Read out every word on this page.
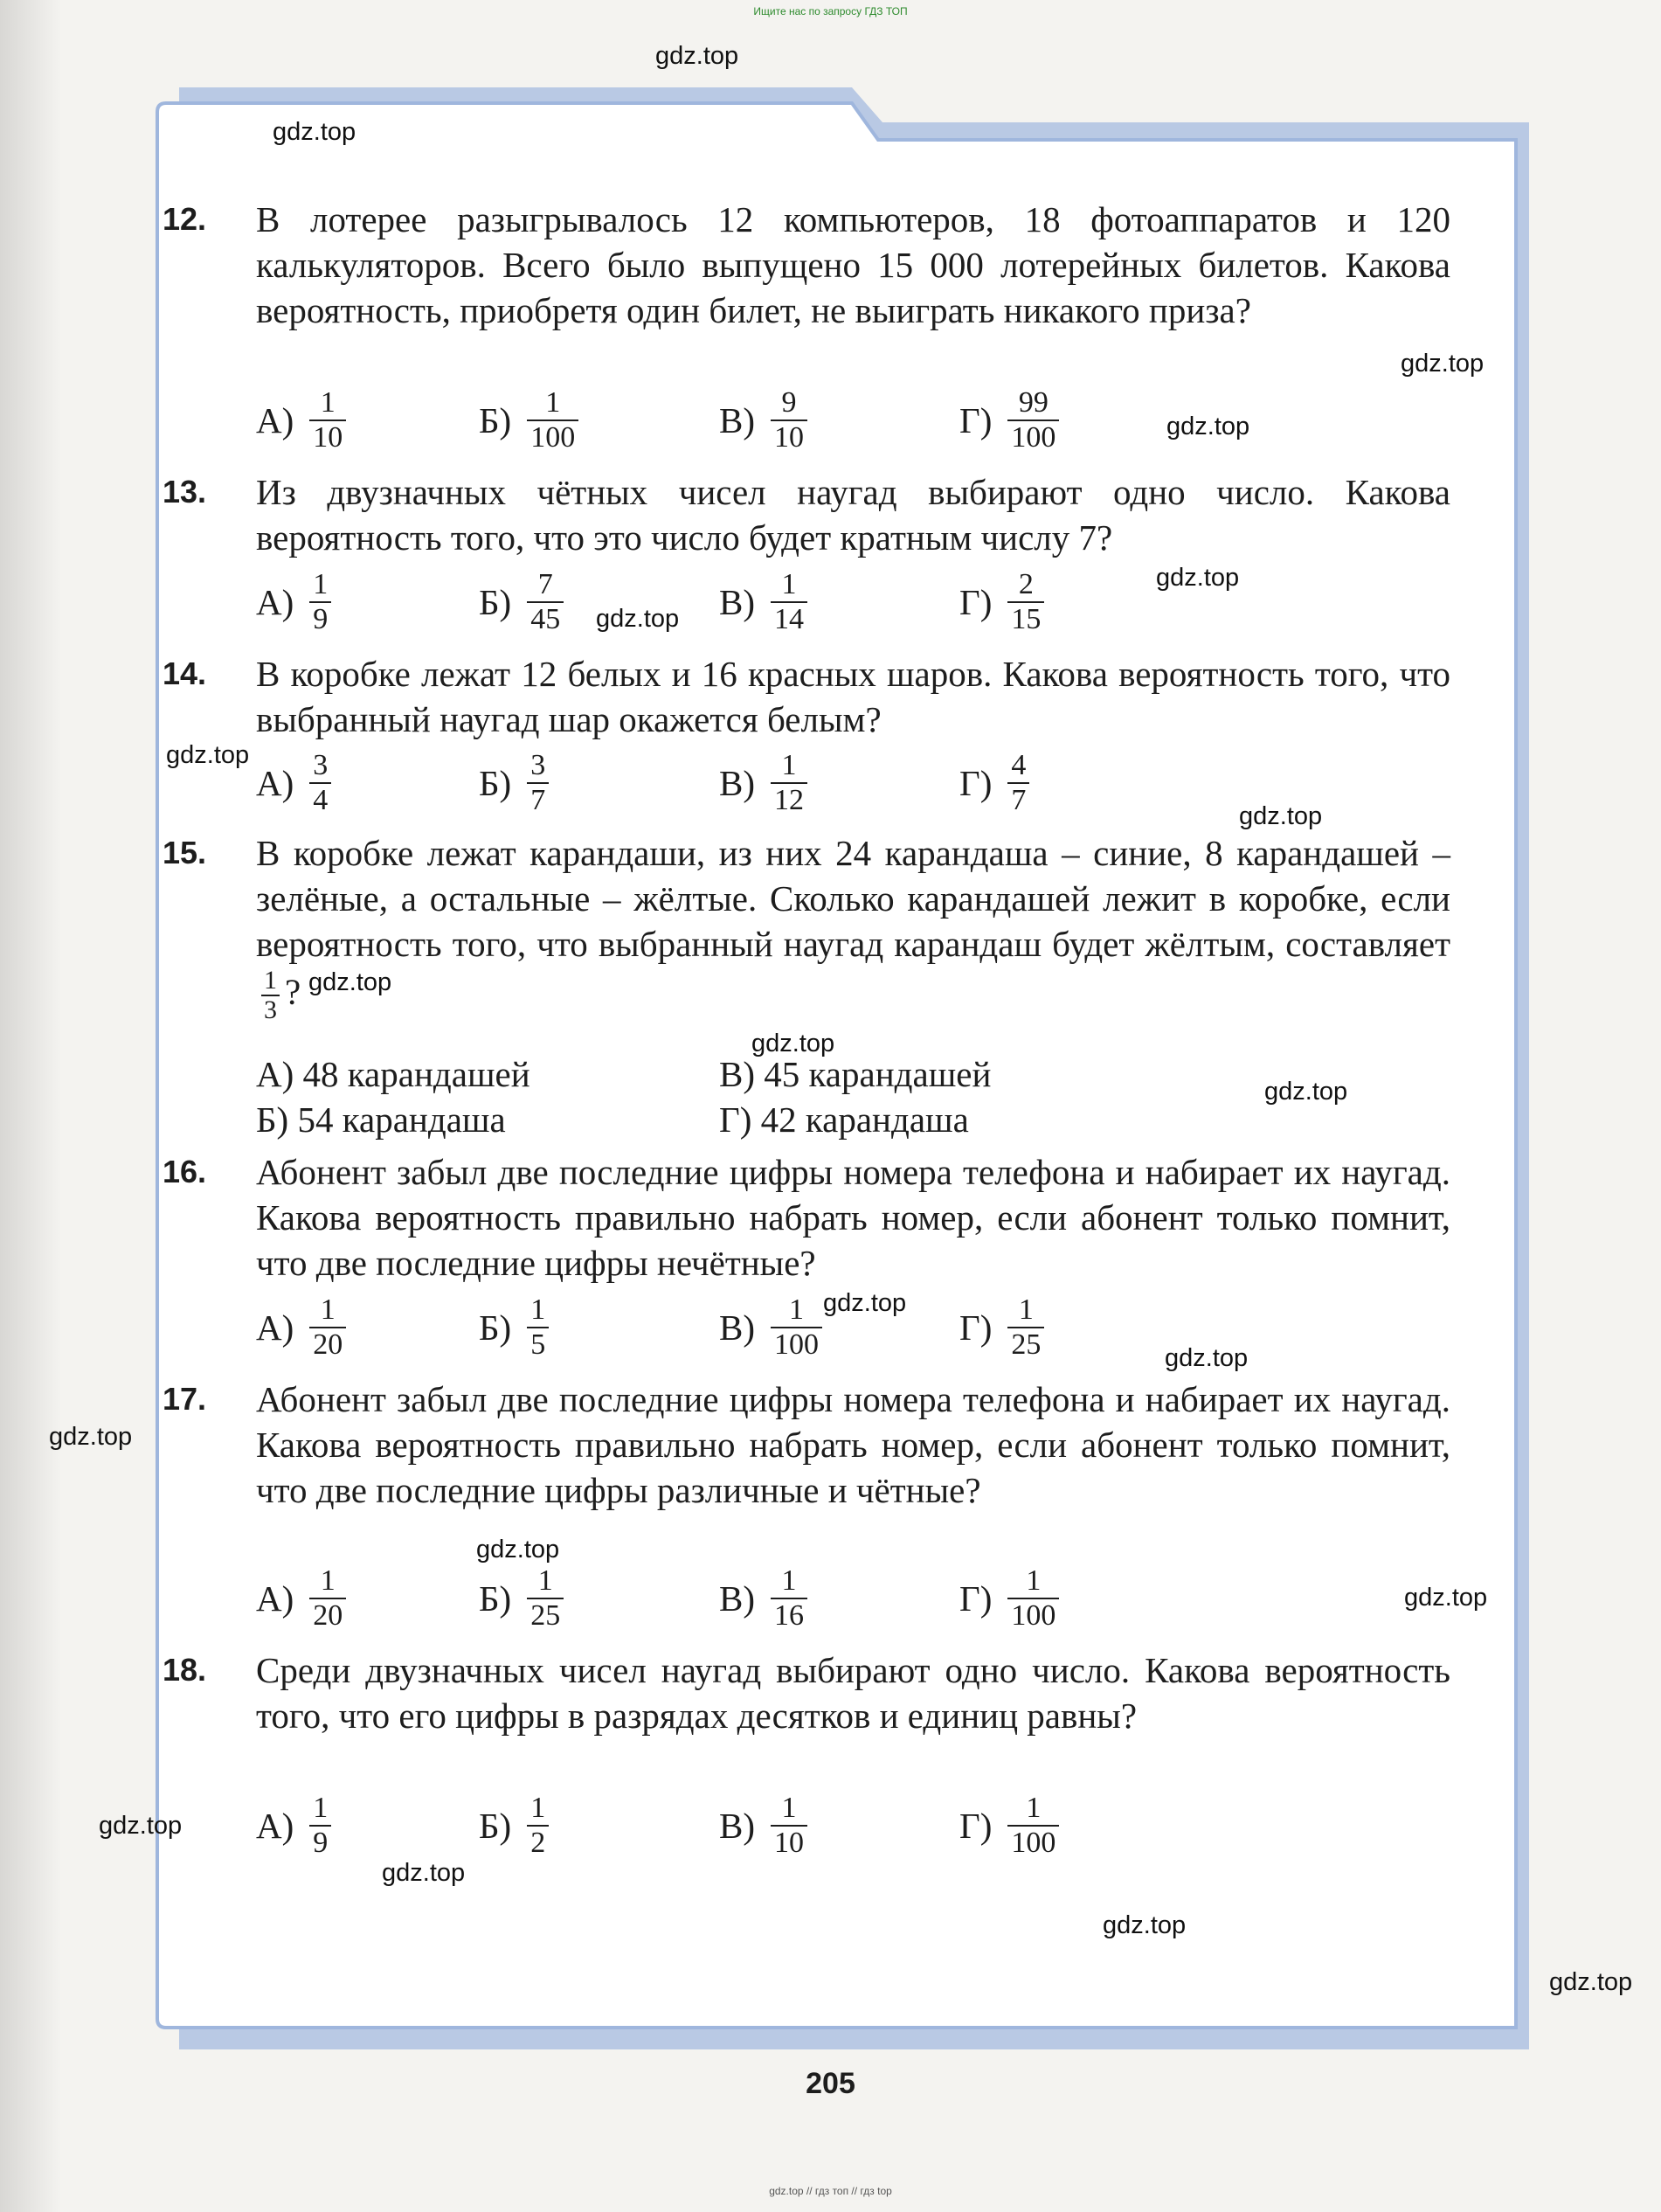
Ищите нас по запросу ГДЗ ТОП
12. В лотерее разыгрывалось 12 компьютеров, 18 фотоаппаратов и 120 калькуляторов. Всего было выпущено 15 000 лотерейных билетов. Какова вероятность, приобретя один билет, не выиграть никакого приза?
$А) \frac{1}{10}$	$Б) \frac{1}{100}$	$В) \frac{9}{10}$	$Г) \frac{99}{100}$
13. Из двузначных чётных чисел наугад выбирают одно число. Какова вероятность того, что это число будет кратным числу 7?
$А) \frac{1}{9}$	$Б) \frac{7}{45}$	$В) \frac{1}{14}$	$Г) \frac{2}{15}$
14. В коробке лежат 12 белых и 16 красных шаров. Какова вероятность того, что выбранный наугад шар окажется белым?
$А) \frac{3}{4}$	$Б) \frac{3}{7}$	$В) \frac{1}{12}$	$Г) \frac{4}{7}$
15. В коробке лежат карандаши, из них 24 карандаша – синие, 8 карандашей – зелёные, а остальные – жёлтые. Сколько карандашей лежит в коробке, если вероятность того, что выбранный наугад карандаш будет жёлтым, составляет
$\frac{1}{3}$ ?
А) 48 карандашей	В) 45 карандашей
Б) 54 карандаша	Г) 42 карандаша
16. Абонент забыл две последние цифры номера телефона и набирает их наугад. Какова вероятность правильно набрать номер, если абонент только помнит, что две последние цифры нечётные?
$А) \frac{1}{20}$	$Б) \frac{1}{5}$	$В) \frac{1}{100}$	$Г) \frac{1}{25}$
17. Абонент забыл две последние цифры номера телефона и набирает их наугад. Какова вероятность правильно набрать номер, если абонент только помнит, что две последние цифры различные и чётные?
$А) \frac{1}{20}$	$Б) \frac{1}{25}$	$В) \frac{1}{16}$	$Г) \frac{1}{100}$
18. Среди двузначных чисел наугад выбирают одно число. Какова вероятность того, что его цифры в разрядах десятков и единиц равны?
$А) \frac{1}{9}$	$Б) \frac{1}{2}$	$В) \frac{1}{10}$	$Г) \frac{1}{100}$
gdz.top
gdz.top
gdz.top
gdz.top
gdz.top
gdz.top
gdz.top
gdz.top
gdz.top
gdz.top
gdz.top
gdz.top
gdz.top
gdz.top
gdz.top
gdz.top
gdz.top
gdz.top
gdz.top
gdz.top
205
gdz.top // гдз топ // гдз top
